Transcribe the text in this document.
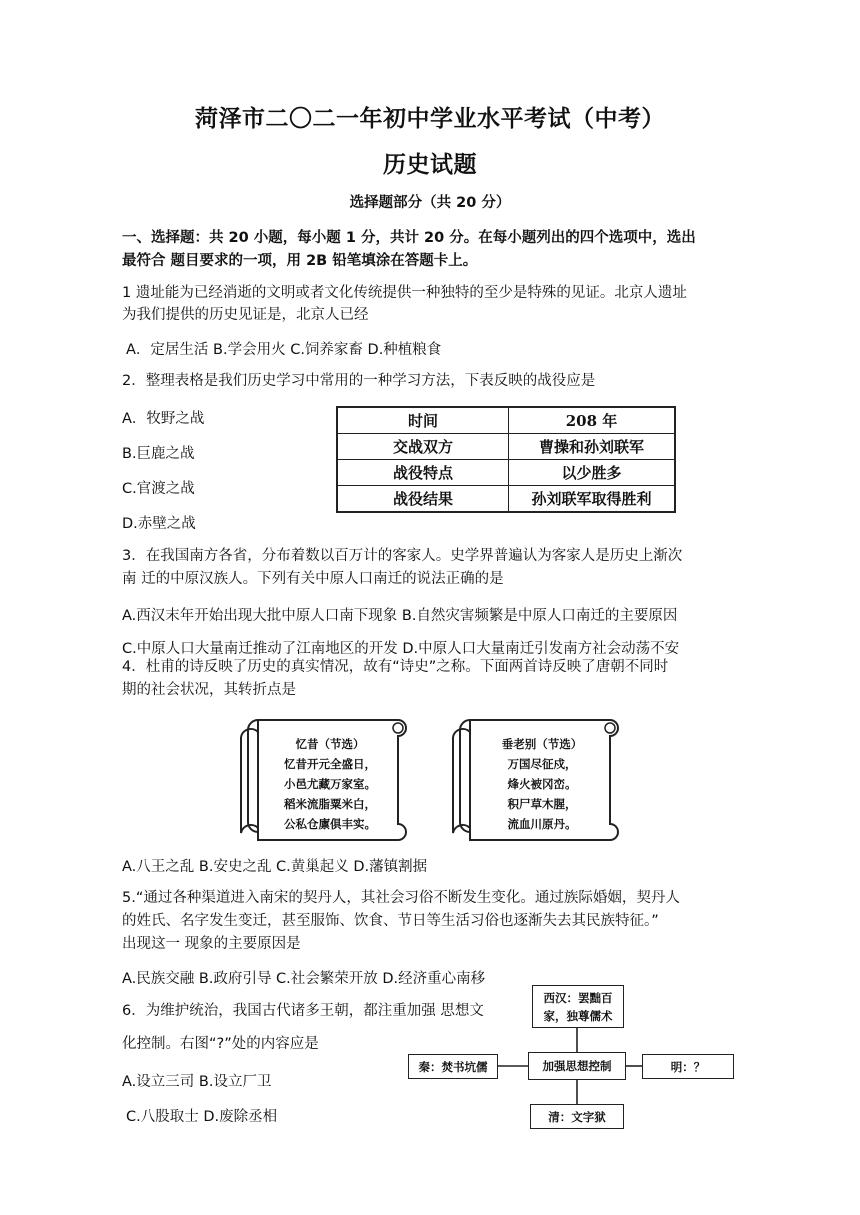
菏泽市二〇二一年初中学业水平考试（中考）
历史试题
选择题部分（共 20 分）
一、选择题：共 20 小题，每小题 1 分，共计 20 分。在每小题列出的四个选项中，选出
最符合 题目要求的一项，用 2B 铅笔填涂在答题卡上。
1 遗址能为已经消逝的文明或者文化传统提供一种独特的至少是特殊的见证。北京人遗址
为我们提供的历史见证是，北京人已经
A．定居生活 B.学会用火 C.饲养家畜 D.种植粮食
2．整理表格是我们历史学习中常用的一种学习方法，下表反映的战役应是
A．牧野之战
B.巨鹿之战
C.官渡之战
D.赤壁之战
时间	208 年
交战双方	曹操和孙刘联军
战役特点	以少胜多
战役结果	孙刘联军取得胜利
3．在我国南方各省，分布着数以百万计的客家人。史学界普遍认为客家人是历史上渐次
南 迁的中原汉族人。下列有关中原人口南迁的说法正确的是
A.西汉末年开始出现大批中原人口南下现象 B.自然灾害频繁是中原人口南迁的主要原因
C.中原人口大量南迁推动了江南地区的开发 D.中原人口大量南迁引发南方社会动荡不安
4．杜甫的诗反映了历史的真实情况，故有“诗史”之称。下面两首诗反映了唐朝不同时
期的社会状况，其转折点是
忆昔（节选）
忆昔开元全盛日，
小邑尤藏万家室。
稻米流脂粟米白，
公私仓廪俱丰实。
垂老别（节选）
万国尽征戍，
烽火被冈峦。
积尸草木腥，
流血川原丹。
A.八王之乱 B.安史之乱 C.黄巢起义 D.藩镇割据
5.“通过各种渠道进入南宋的契丹人，其社会习俗不断发生变化。通过族际婚姻，契丹人
的姓氏、名字发生变迁，甚至服饰、饮食、节日等生活习俗也逐渐失去其民族特征。”
出现这一 现象的主要原因是
A.民族交融 B.政府引导 C.社会繁荣开放 D.经济重心南移
6．为维护统治，我国古代诸多王朝，都注重加强 思想文
化控制。右图“?”处的内容应是
A.设立三司 B.设立厂卫
C.八股取士 D.废除丞相
西汉：罢黜百
家，独尊儒术
秦：焚书坑儒	加强思想控制	明：？
清：文字狱
